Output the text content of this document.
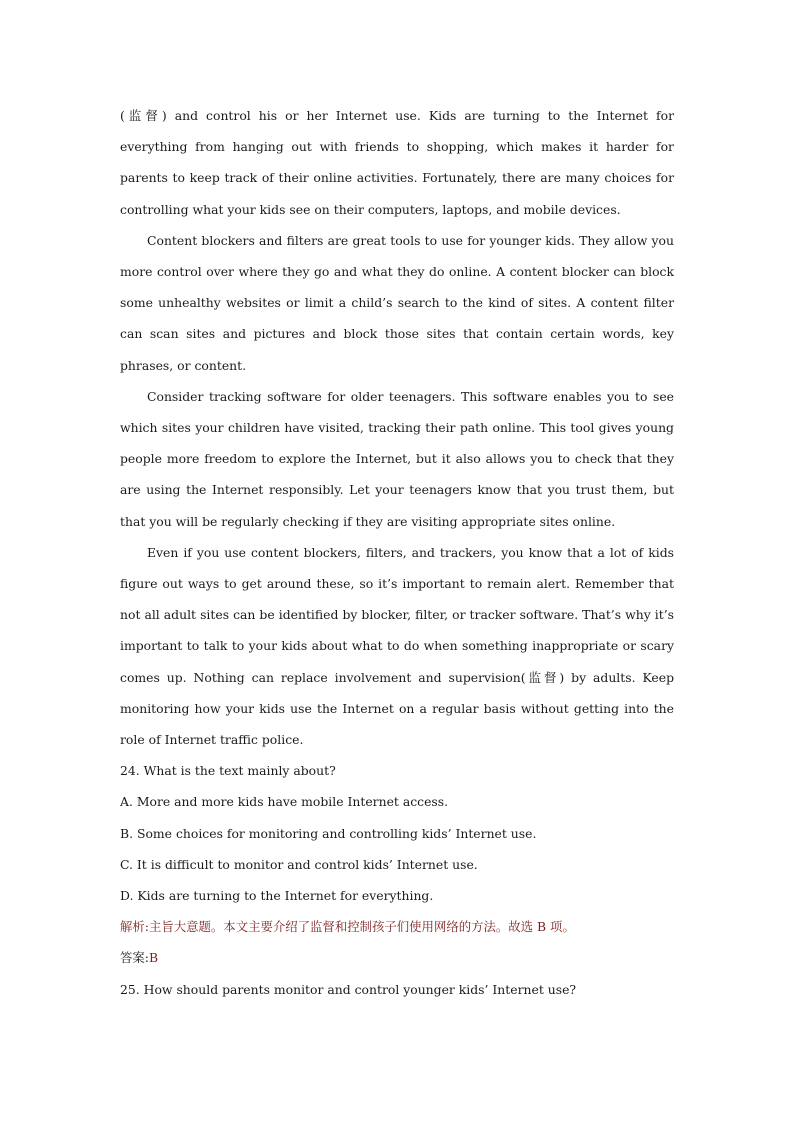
(监督) and control his or her Internet use. Kids are turning to the Internet for everything from hanging out with friends to shopping, which makes it harder for parents to keep track of their online activities. Fortunately, there are many choices for controlling what your kids see on their computers, laptops, and mobile devices.

Content blockers and filters are great tools to use for younger kids. They allow you more control over where they go and what they do online. A content blocker can block some unhealthy websites or limit a child’s search to the kind of sites. A content filter can scan sites and pictures and block those sites that contain certain words, key phrases, or content.

Consider tracking software for older teenagers. This software enables you to see which sites your children have visited, tracking their path online. This tool gives young people more freedom to explore the Internet, but it also allows you to check that they are using the Internet responsibly. Let your teenagers know that you trust them, but that you will be regularly checking if they are visiting appropriate sites online.

Even if you use content blockers, filters, and trackers, you know that a lot of kids figure out ways to get around these, so it’s important to remain alert. Remember that not all adult sites can be identified by blocker, filter, or tracker software. That’s why it’s important to talk to your kids about what to do when something inappropriate or scary comes up. Nothing can replace involvement and supervision(监督) by adults. Keep monitoring how your kids use the Internet on a regular basis without getting into the role of Internet traffic police.

24. What is the text mainly about?

A. More and more kids have mobile Internet access.

B. Some choices for monitoring and controlling kids’ Internet use.

C. It is difficult to monitor and control kids’ Internet use.

D. Kids are turning to the Internet for everything.

解析:主旨大意题。本文主要介绍了监督和控制孩子们使用网络的方法。故选 B 项。

答案:B

25. How should parents monitor and control younger kids’ Internet use?
